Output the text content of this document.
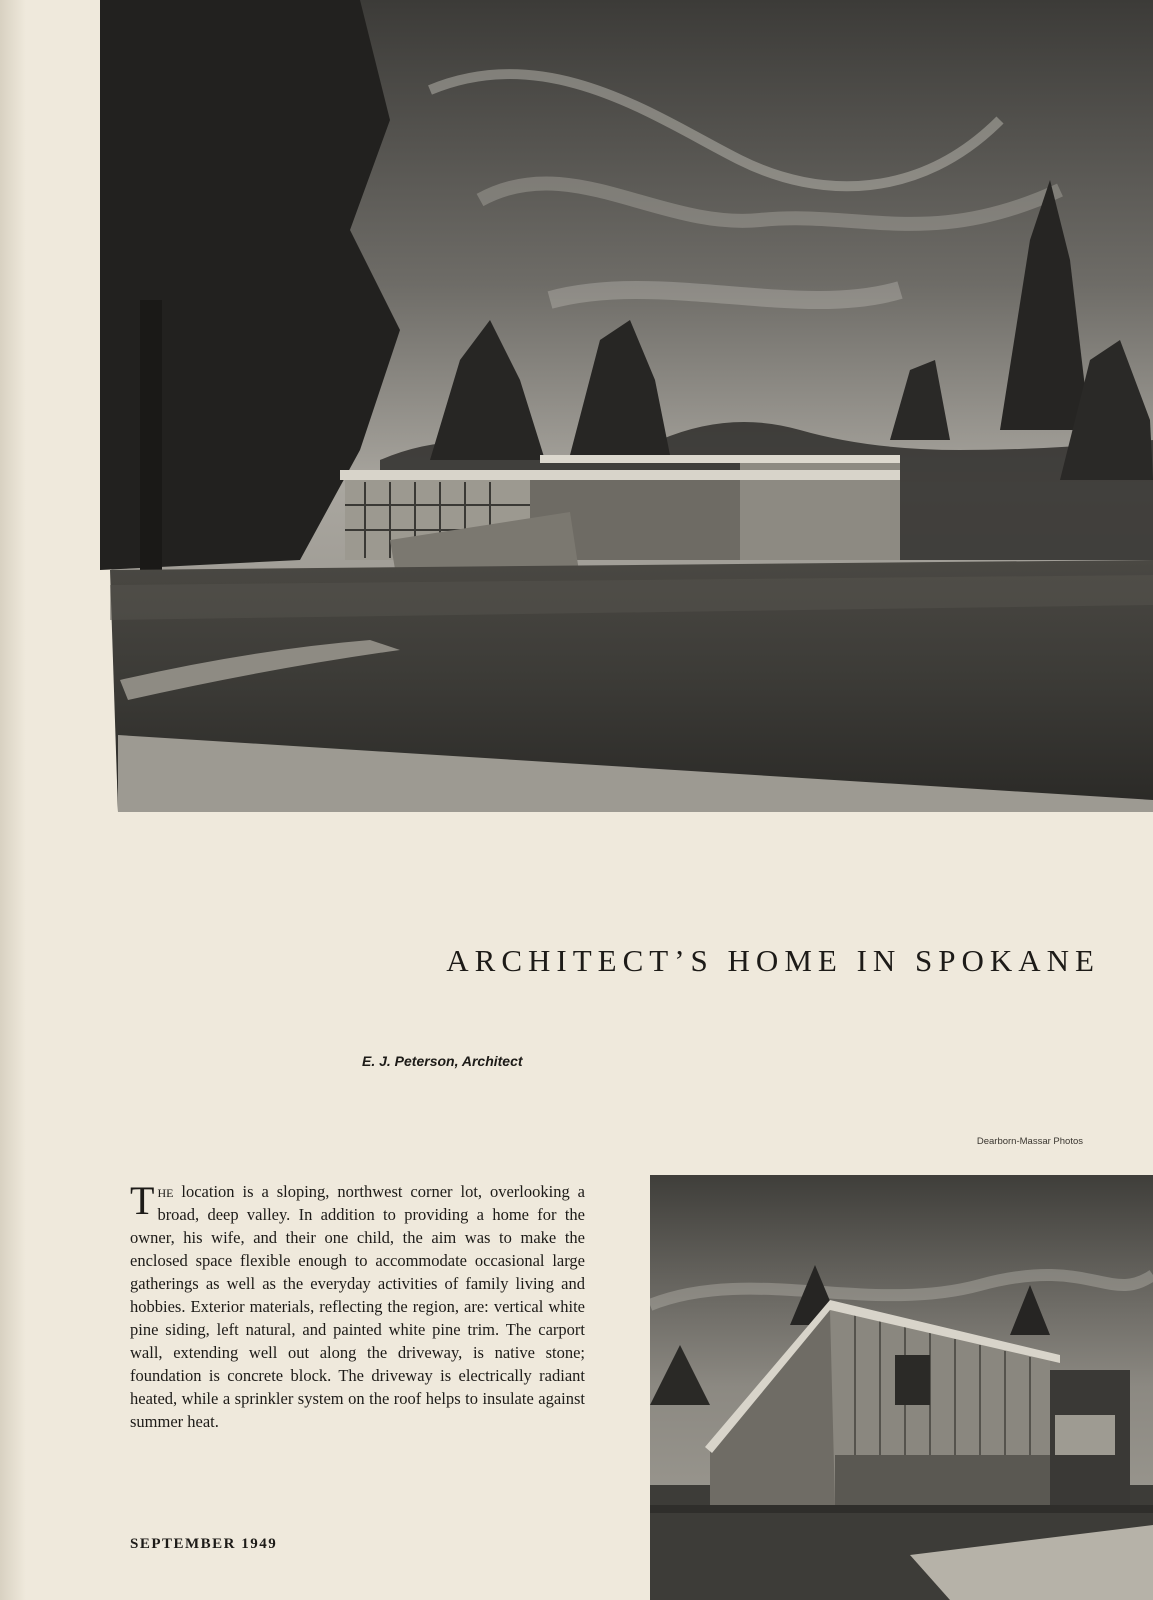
ARCHITECT’S HOME IN SPOKANE
E. J. Peterson, Architect
Dearborn-Massar Photos
The location is a sloping, northwest corner lot, overlooking a broad, deep valley. In addition to providing a home for the owner, his wife, and their one child, the aim was to make the enclosed space flexible enough to accommodate occasional large gatherings as well as the everyday activities of family living and hobbies. Exterior materials, reflecting the region, are: vertical white pine siding, left natural, and painted white pine trim. The carport wall, extending well out along the driveway, is native stone; foundation is concrete block. The driveway is electrically radiant heated, while a sprinkler system on the roof helps to insulate against summer heat.
SEPTEMBER 1949
